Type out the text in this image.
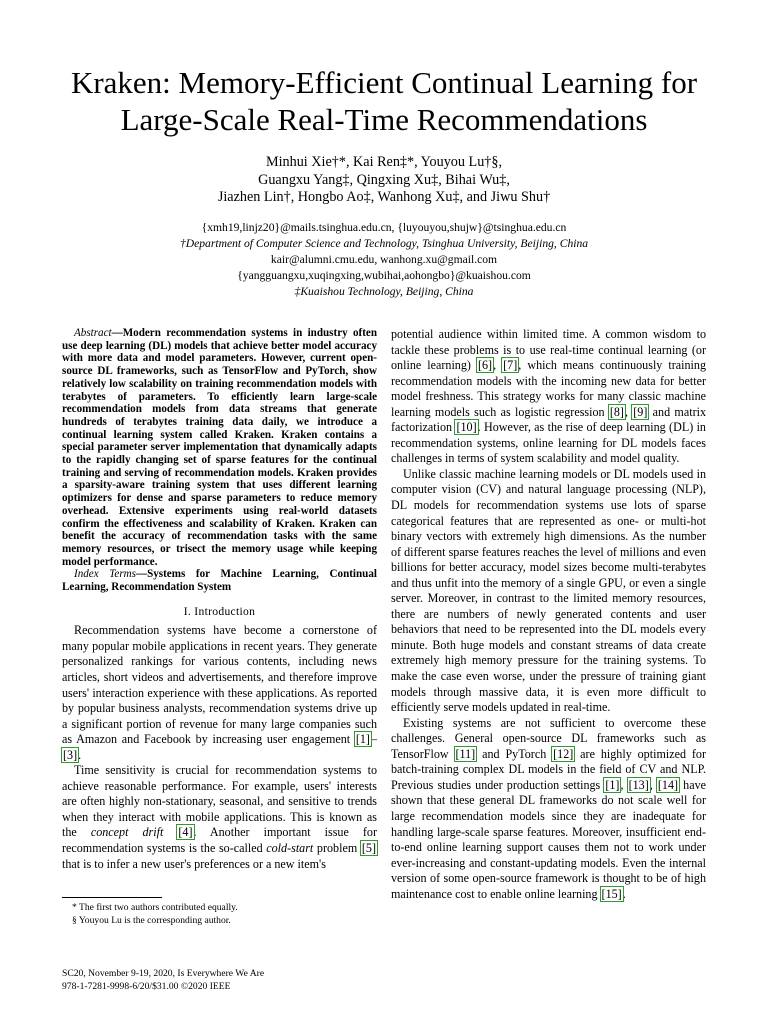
Kraken: Memory-Efficient Continual Learning for Large-Scale Real-Time Recommendations
Minhui Xie†*, Kai Ren‡*, Youyou Lu†§,
Guangxu Yang‡, Qingxing Xu‡, Bihai Wu‡,
Jiazhen Lin†, Hongbo Ao‡, Wanhong Xu‡, and Jiwu Shu†
{xmh19,linjz20}@mails.tsinghua.edu.cn, {luyouyou,shujw}@tsinghua.edu.cn
†Department of Computer Science and Technology, Tsinghua University, Beijing, China
kair@alumni.cmu.edu, wanhong.xu@gmail.com
{yangguangxu,xuqingxing,wubihai,aohongbo}@kuaishou.com
‡Kuaishou Technology, Beijing, China

Abstract—Modern recommendation systems in industry often use deep learning (DL) models that achieve better model accuracy with more data and model parameters. However, current open-source DL frameworks, such as TensorFlow and PyTorch, show relatively low scalability on training recommendation models with terabytes of parameters. To efficiently learn large-scale recommendation models from data streams that generate hundreds of terabytes training data daily, we introduce a continual learning system called Kraken. Kraken contains a special parameter server implementation that dynamically adapts to the rapidly changing set of sparse features for the continual training and serving of recommendation models. Kraken provides a sparsity-aware training system that uses different learning optimizers for dense and sparse parameters to reduce memory overhead. Extensive experiments using real-world datasets confirm the effectiveness and scalability of Kraken. Kraken can benefit the accuracy of recommendation tasks with the same memory resources, or trisect the memory usage while keeping model performance.

Index Terms—Systems for Machine Learning, Continual Learning, Recommendation System

I. Introduction

Recommendation systems have become a cornerstone of many popular mobile applications in recent years. They generate personalized rankings for various contents, including news articles, short videos and advertisements, and therefore improve users' interaction experience with these applications. As reported by popular business analysts, recommendation systems drive up a significant portion of revenue for many large companies such as Amazon and Facebook by increasing user engagement [1]–[3].

Time sensitivity is crucial for recommendation systems to achieve reasonable performance. For example, users' interests are often highly non-stationary, seasonal, and sensitive to trends when they interact with mobile applications. This is known as the concept drift [4]. Another important issue for recommendation systems is the so-called cold-start problem [5] that is to infer a new user's preferences or a new item's

potential audience within limited time. A common wisdom to tackle these problems is to use real-time continual learning (or online learning) [6], [7], which means continuously training recommendation models with the incoming new data for better model freshness. This strategy works for many classic machine learning models such as logistic regression [8], [9] and matrix factorization [10]. However, as the rise of deep learning (DL) in recommendation systems, online learning for DL models faces challenges in terms of system scalability and model quality.

Unlike classic machine learning models or DL models used in computer vision (CV) and natural language processing (NLP), DL models for recommendation systems use lots of sparse categorical features that are represented as one- or multi-hot binary vectors with extremely high dimensions. As the number of different sparse features reaches the level of millions and even billions for better accuracy, model sizes become multi-terabytes and thus unfit into the memory of a single GPU, or even a single server. Moreover, in contrast to the limited memory resources, there are numbers of newly generated contents and user behaviors that need to be represented into the DL models every minute. Both huge models and constant streams of data create extremely high memory pressure for the training systems. To make the case even worse, under the pressure of training giant models through massive data, it is even more difficult to efficiently serve models updated in real-time.

Existing systems are not sufficient to overcome these challenges. General open-source DL frameworks such as TensorFlow [11] and PyTorch [12] are highly optimized for batch-training complex DL models in the field of CV and NLP. Previous studies under production settings [1], [13], [14] have shown that these general DL frameworks do not scale well for large recommendation models since they are inadequate for handling large-scale sparse features. Moreover, insufficient end-to-end online learning support causes them not to work under ever-increasing and constant-updating models. Even the internal version of some open-source framework is thought to be of high maintenance cost to enable online learning [15].

* The first two authors contributed equally.
§ Youyou Lu is the corresponding author.
SC20, November 9-19, 2020, Is Everywhere We Are
978-1-7281-9998-6/20/$31.00 ©2020 IEEE
